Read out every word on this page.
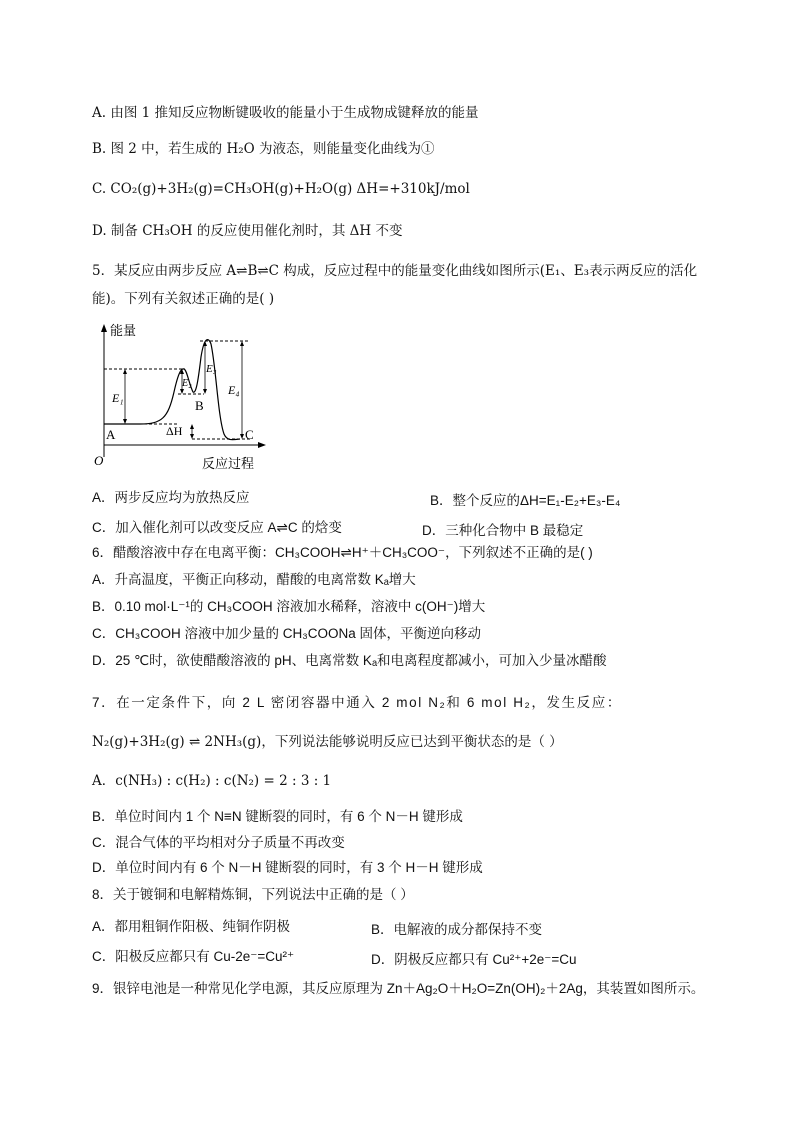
A. 由图 1 推知反应物断键吸收的能量小于生成物成键释放的能量
B. 图 2 中，若生成的 H₂O 为液态，则能量变化曲线为①
C. CO₂(g)+3H₂(g)=CH₃OH(g)+H₂O(g) ΔH=+310kJ/mol
D. 制备 CH₃OH 的反应使用催化剂时，其 ΔH 不变
5．某反应由两步反应 A⇌B⇌C 构成，反应过程中的能量变化曲线如图所示(E₁、E₃表示两反应的活化
能)。下列有关叙述正确的是( )
能量
反应过程
O
A
B
C
E₁
E₂
E₃
E₄
ΔH
A．两步反应均为放热反应	B．整个反应的ΔH=E₁-E₂+E₃-E₄
C．加入催化剂可以改变反应 A⇌C 的焓变	D．三种化合物中 B 最稳定
6．醋酸溶液中存在电离平衡：CH₃COOH⇌H⁺＋CH₃COO⁻，下列叙述不正确的是( )
A．升高温度，平衡正向移动，醋酸的电离常数 Kₐ增大
B．0.10 mol·L⁻¹的 CH₃COOH 溶液加水稀释，溶液中 c(OH⁻)增大
C．CH₃COOH 溶液中加少量的 CH₃COONa 固体，平衡逆向移动
D．25 ℃时，欲使醋酸溶液的 pH、电离常数 Kₐ和电离程度都减小，可加入少量冰醋酸
7．在一定条件下，向 2 L 密闭容器中通入 2 mol N₂和 6 mol H₂，发生反应：
N₂(g)+3H₂(g) ⇌ 2NH₃(g)，下列说法能够说明反应已达到平衡状态的是（ ）
A．c(NH₃) : c(H₂) : c(N₂) = 2 : 3 : 1
B．单位时间内 1 个 N≡N 键断裂的同时，有 6 个 N－H 键形成
C．混合气体的平均相对分子质量不再改变
D．单位时间内有 6 个 N－H 键断裂的同时，有 3 个 H－H 键形成
8．关于镀铜和电解精炼铜，下列说法中正确的是（ ）
A．都用粗铜作阳极、纯铜作阴极	B．电解液的成分都保持不变
C．阳极反应都只有 Cu-2e⁻=Cu²⁺	D．阴极反应都只有 Cu²⁺+2e⁻=Cu
9．银锌电池是一种常见化学电源，其反应原理为 Zn＋Ag₂O＋H₂O=Zn(OH)₂＋2Ag，其装置如图所示。
